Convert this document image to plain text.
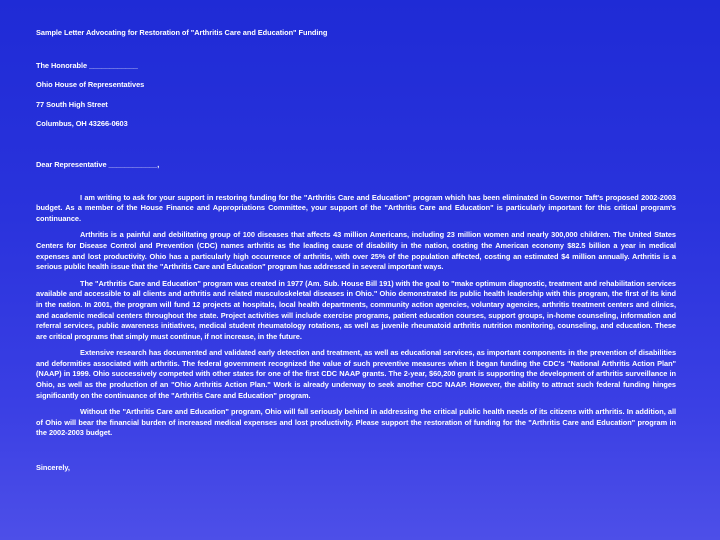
Sample Letter Advocating for Restoration of "Arthritis Care and Education" Funding
The Honorable ____________
Ohio House of Representatives
77 South High Street
Columbus, OH 43266-0603
Dear Representative ____________,
I am writing to ask for your support in restoring funding for the "Arthritis Care and Education" program which has been eliminated in Governor Taft's proposed 2002-2003 budget. As a member of the House Finance and Appropriations Committee, your support of the "Arthritis Care and Education" is particularly important for this critical program's continuance.
Arthritis is a painful and debilitating group of 100 diseases that affects 43 million Americans, including 23 million women and nearly 300,000 children. The United States Centers for Disease Control and Prevention (CDC) names arthritis as the leading cause of disability in the nation, costing the American economy $82.5 billion a year in medical expenses and lost productivity. Ohio has a particularly high occurrence of arthritis, with over 25% of the population affected, costing an estimated $4 million annually. Arthritis is a serious public health issue that the "Arthritis Care and Education" program has addressed in several important ways.
The "Arthritis Care and Education" program was created in 1977 (Am. Sub. House Bill 191) with the goal to "make optimum diagnostic, treatment and rehabilitation services available and accessible to all clients and arthritis and related musculoskeletal diseases in Ohio." Ohio demonstrated its public health leadership with this program, the first of its kind in the nation. In 2001, the program will fund 12 projects at hospitals, local health departments, community action agencies, voluntary agencies, arthritis treatment centers and clinics, and academic medical centers throughout the state. Project activities will include exercise programs, patient education courses, support groups, in-home counseling, information and referral services, public awareness initiatives, medical student rheumatology rotations, as well as juvenile rheumatoid arthritis nutrition monitoring, counseling, and education. These are critical programs that simply must continue, if not increase, in the future.
Extensive research has documented and validated early detection and treatment, as well as educational services, as important components in the prevention of disabilities and deformities associated with arthritis. The federal government recognized the value of such preventive measures when it began funding the CDC's "National Arthritis Action Plan" (NAAP) in 1999. Ohio successively competed with other states for one of the first CDC NAAP grants. The 2-year, $60,200 grant is supporting the development of arthritis surveillance in Ohio, as well as the production of an "Ohio Arthritis Action Plan." Work is already underway to seek another CDC NAAP. However, the ability to attract such federal funding hinges significantly on the continuance of the "Arthritis Care and Education" program.
Without the "Arthritis Care and Education" program, Ohio will fall seriously behind in addressing the critical public health needs of its citizens with arthritis. In addition, all of Ohio will bear the financial burden of increased medical expenses and lost productivity. Please support the restoration of funding for the "Arthritis Care and Education" program in the 2002-2003 budget.
Sincerely,
